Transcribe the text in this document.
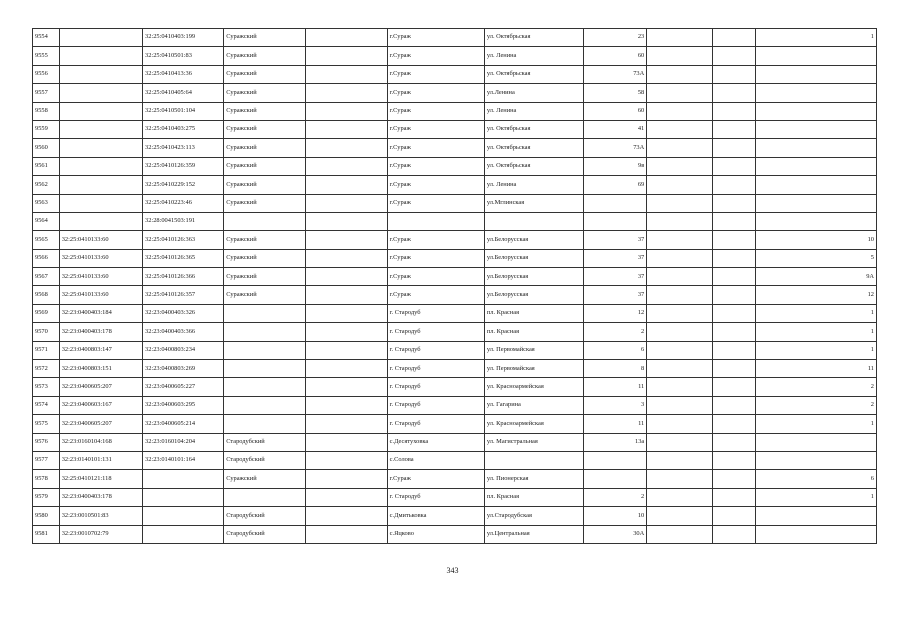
9554		32:25:0410403:199	Суражский		г.Сураж	ул. Октябрьская	23			1
9555		32:25:0410501:83	Суражский		г.Сураж	ул. Ленина	60			
9556		32:25:0410413:36	Суражский		г.Сураж	ул. Октябрьская	73А			
9557		32:25:0410405:64	Суражский		г.Сураж	ул.Ленина	58			
9558		32:25:0410501:104	Суражский		г.Сураж	ул. Ленина	60			
9559		32:25:0410403:275	Суражский		г.Сураж	ул. Октябрьская	41			
9560		32:25:0410423:113	Суражский		г.Сураж	ул. Октябрьская	73А			
9561		32:25:0410126:359	Суражский		г.Сураж	ул. Октябрьская	9в			
9562		32:25:0410229:152	Суражский		г.Сураж	ул. Ленина	69			
9563		32:25:0410223:46	Суражский		г.Сураж	ул.Мглинская				
9564		32:28:0041503:191								
9565	32:25:0410133:60	32:25:0410126:363	Суражский		г.Сураж	ул.Белорусская	37			10
9566	32:25:0410133:60	32:25:0410126:365	Суражский		г.Сураж	ул.Белорусская	37			5
9567	32:25:0410133:60	32:25:0410126:366	Суражский		г.Сураж	ул.Белорусская	37			9А
9568	32:25:0410133:60	32:25:0410126:357	Суражский		г.Сураж	ул.Белорусская	37			12
9569	32:23:0400403:184	32:23:0400403:326			г. Стародуб	пл. Красная	12			1
9570	32:23:0400403:178	32:23:0400403:366			г. Стародуб	пл. Красная	2			1
9571	32:23:0400803:147	32:23:0400803:234			г. Стародуб	ул. Первомайская	6			1
9572	32:23:0400803:151	32:23:0400803:269			г. Стародуб	ул. Первомайская	8			11
9573	32:23:0400605:207	32:23:0400605:227			г. Стародуб	ул. Красноармейская	11			2
9574	32:23:0400603:167	32:23:0400603:295			г. Стародуб	ул. Гагарина	3			2
9575	32:23:0400605:207	32:23:0400605:214			г. Стародуб	ул. Красноармейская	11			1
9576	32:23:0160104:168	32:23:0160104:204	Стародубский		с.Десятуховка	ул. Магистральная	13а			
9577	32:23:0140101:131	32:23:0140101:164	Стародубский		с.Солова					
9578	32:25:0410121:118		Суражский		г.Сураж	ул. Пионерская				6
9579	32:23:0400403:178				г. Стародуб	пл. Красная	2			1
9580	32:23:0010501:83		Стародубский		с.Дмитьковка	ул.Стародубская	10			
9581	32:23:0010702:79		Стародубский		с.Яцково	ул.Центральная	30А			
343
